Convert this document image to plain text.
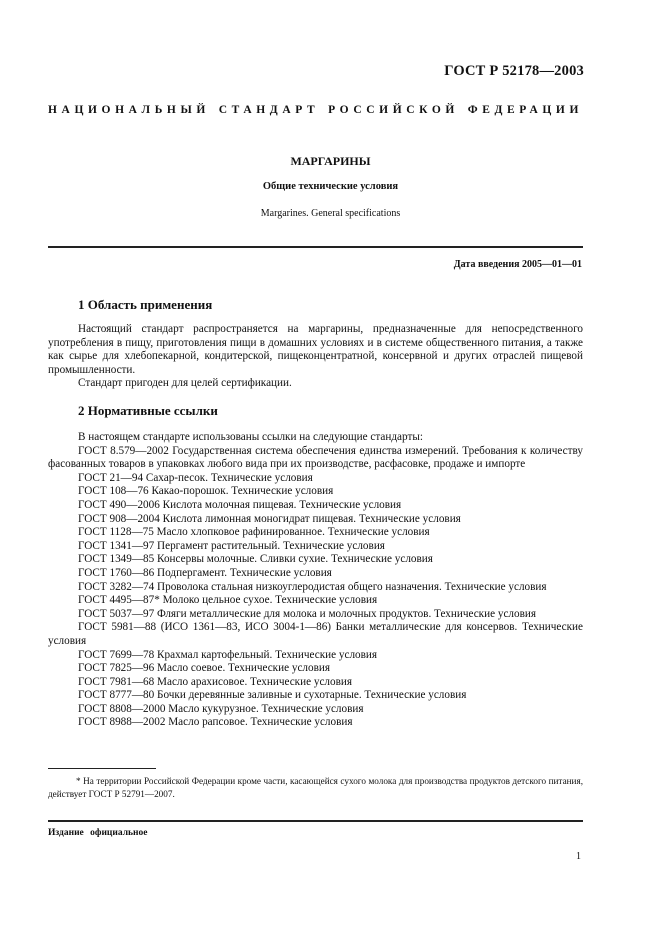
ГОСТ Р 52178—2003
НАЦИОНАЛЬНЫЙ СТАНДАРТ РОССИЙСКОЙ ФЕДЕРАЦИИ
МАРГАРИНЫ
Общие технические условия
Margarines. General specifications
Дата введения 2005—01—01
1 Область применения

Настоящий стандарт распространяется на маргарины, предназначенные для непосредственного употребления в пищу, приготовления пищи в домашних условиях и в системе общественного питания, а также как сырье для хлебопекарной, кондитерской, пищеконцентратной, консервной и других отраслей пищевой промышленности.

Стандарт пригоден для целей сертификации.

2 Нормативные ссылки

В настоящем стандарте использованы ссылки на следующие стандарты:

ГОСТ 8.579—2002 Государственная система обеспечения единства измерений. Требования к количеству фасованных товаров в упаковках любого вида при их производстве, расфасовке, продаже и импорте

ГОСТ 21—94 Сахар-песок. Технические условия

ГОСТ 108—76 Какао-порошок. Технические условия

ГОСТ 490—2006 Кислота молочная пищевая. Технические условия

ГОСТ 908—2004 Кислота лимонная моногидрат пищевая. Технические условия

ГОСТ 1128—75 Масло хлопковое рафинированное. Технические условия

ГОСТ 1341—97 Пергамент растительный. Технические условия

ГОСТ 1349—85 Консервы молочные. Сливки сухие. Технические условия

ГОСТ 1760—86 Подпергамент. Технические условия

ГОСТ 3282—74 Проволока стальная низкоуглеродистая общего назначения. Технические условия

ГОСТ 4495—87* Молоко цельное сухое. Технические условия

ГОСТ 5037—97 Фляги металлические для молока и молочных продуктов. Технические условия

ГОСТ 5981—88 (ИСО 1361—83, ИСО 3004-1—86) Банки металлические для консервов. Технические условия

ГОСТ 7699—78 Крахмал картофельный. Технические условия

ГОСТ 7825—96 Масло соевое. Технические условия

ГОСТ 7981—68 Масло арахисовое. Технические условия

ГОСТ 8777—80 Бочки деревянные заливные и сухотарные. Технические условия

ГОСТ 8808—2000 Масло кукурузное. Технические условия

ГОСТ 8988—2002 Масло рапсовое. Технические условия

* На территории Российской Федерации кроме части, касающейся сухого молока для производства продуктов детского питания, действует ГОСТ Р 52791—2007.
Издание официальное
1
